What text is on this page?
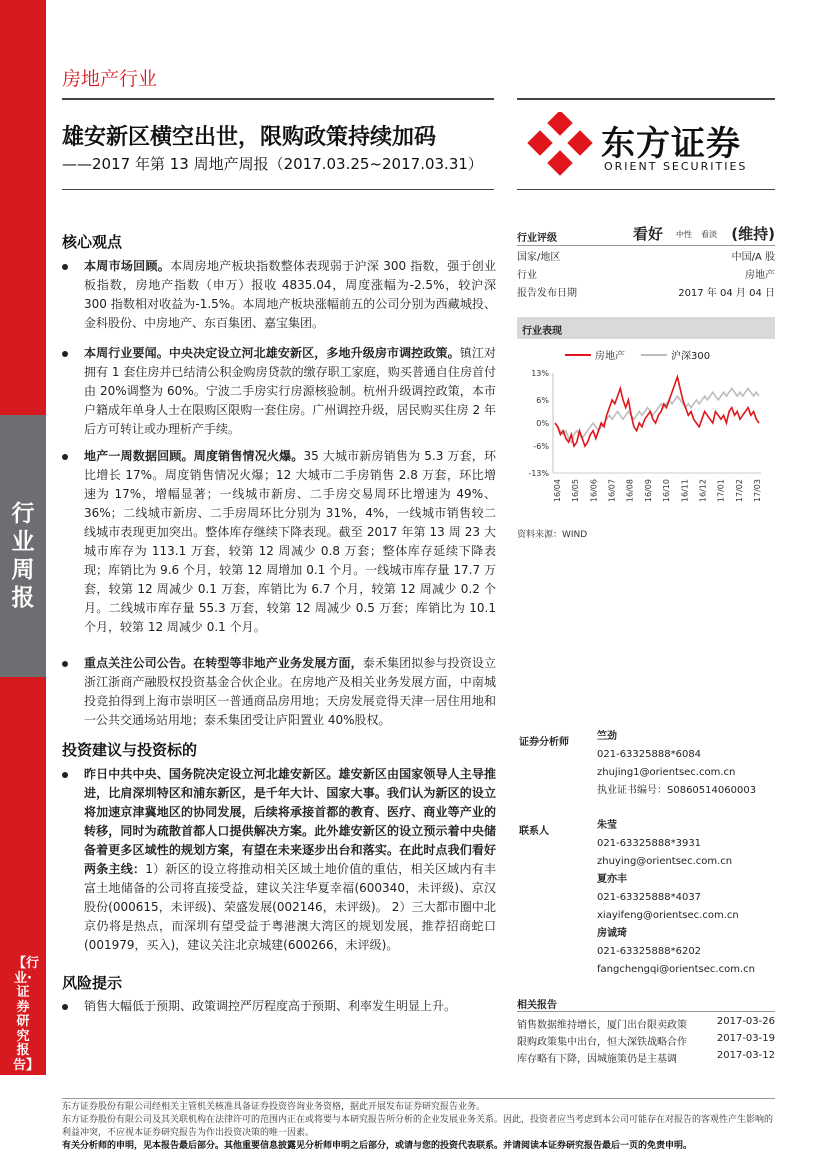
行业周报
【行业·证券研究报告】
房地产行业
雄安新区横空出世，限购政策持续加码
——2017 年第 13 周地产周报（2017.03.25~2017.03.31）	东方证券
ORIENT SECURITIES
核心观点
本周市场回顾。本周房地产板块指数整体表现弱于沪深 300 指数，强于创业板指数，房地产指数（申万）报收 4835.04，周度涨幅为-2.5%，较沪深 300 指数相对收益为-1.5%。本周地产板块涨幅前五的公司分别为西藏城投、金科股份、中房地产、东百集团、嘉宝集团。
本周行业要闻。中央决定设立河北雄安新区，多地升级房市调控政策。镇江对拥有 1 套住房并已结清公积金购房贷款的缴存职工家庭，购买普通自住房首付由 20%调整为 60%。宁波二手房实行房源核验制。杭州升级调控政策，本市户籍成年单身人士在限购区限购一套住房。广州调控升级，居民购买住房 2 年后方可转让或办理析产手续。
地产一周数据回顾。周度销售情况火爆。35 大城市新房销售为 5.3 万套，环比增长 17%。周度销售情况火爆；12 大城市二手房销售 2.8 万套，环比增速为 17%，增幅显著；一线城市新房、二手房交易周环比增速为 49%、36%；二线城市新房、二手房周环比分别为 31%，4%，一线城市销售较二线城市表现更加突出。整体库存继续下降表现。截至 2017 年第 13 周 23 大城市库存为 113.1 万套，较第 12 周减少 0.8 万套；整体库存延续下降表现；库销比为 9.6 个月，较第 12 周增加 0.1 个月。一线城市库存量 17.7 万套，较第 12 周减少 0.1 万套，库销比为 6.7 个月，较第 12 周减少 0.2 个月。二线城市库存量 55.3 万套，较第 12 周减少 0.5 万套；库销比为 10.1 个月，较第 12 周减少 0.1 个月。
重点关注公司公告。在转型等非地产业务发展方面，泰禾集团拟参与投资设立浙江浙商产融股权投资基金合伙企业。在房地产及相关业务发展方面，中南城投竞拍得到上海市崇明区一普通商品房用地；天房发展竞得天津一居住用地和一公共交通场站用地；泰禾集团受让庐阳置业 40%股权。
投资建议与投资标的
昨日中共中央、国务院决定设立河北雄安新区。雄安新区由国家领导人主导推进，比肩深圳特区和浦东新区，是千年大计、国家大事。我们认为新区的设立将加速京津冀地区的协同发展，后续将承接首都的教育、医疗、商业等产业的转移，同时为疏散首都人口提供解决方案。此外雄安新区的设立预示着中央储备着更多区域性的规划方案，有望在未来逐步出台和落实。在此时点我们看好两条主线：1）新区的设立将推动相关区域土地价值的重估，相关区域内有丰富土地储备的公司将直接受益，建议关注华夏幸福(600340，未评级)、京汉股份(000615，未评级)、荣盛发展(002146，未评级)。 2）三大都市圈中北京仍将是热点，而深圳有望受益于粤港澳大湾区的规划发展，推荐招商蛇口(001979，买入)，建议关注北京城建(600266，未评级)。
风险提示
销售大幅低于预期、政策调控严厉程度高于预期、利率发生明显上升。
行业评级	看好 中性 看淡 (维持)
国家/地区	中国/A 股
行业	房地产
报告发布日期	2017 年 04 月 04 日
行业表现
房地产	沪深300
13%
6%
0%
-6%
-13%
16/04 16/05 16/06 16/07 16/08 16/09 16/10 16/11 16/12 17/01 17/02 17/03
资料来源：WIND
证券分析师
竺劲
021-63325888*6084
zhujing1@orientsec.com.cn
执业证书编号：S0860514060003
联系人
朱莹
021-63325888*3931
zhuying@orientsec.com.cn
夏亦丰
021-63325888*4037
xiayifeng@orientsec.com.cn
房诚琦
021-63325888*6202
fangchengqi@orientsec.com.cn
相关报告
销售数据维持增长，厦门出台限卖政策	2017-03-26
限购政策集中出台，恒大深铁战略合作	2017-03-19
库存略有下降，因城施策仍是主基调	2017-03-12
东方证券股份有限公司经相关主管机关核准具备证券投资咨询业务资格，据此开展发布证券研究报告业务。
东方证券股份有限公司及其关联机构在法律许可的范围内正在或将要与本研究报告所分析的企业发展业务关系。因此，投资者应当考虑到本公司可能存在对报告的客观性产生影响的利益冲突，不应视本证券研究报告为作出投资决策的唯一因素。
有关分析师的申明，见本报告最后部分。其他重要信息披露见分析师申明之后部分，或请与您的投资代表联系。并请阅读本证券研究报告最后一页的免责申明。
